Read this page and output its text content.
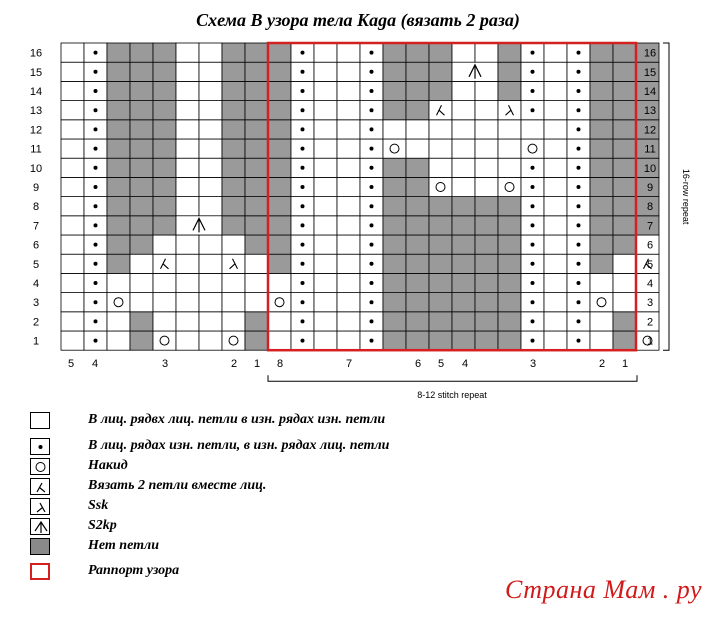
Схема B узора тела Kaga (вязать 2 раза)
1	1
2	2
3	3
4	4
5	5
6	6
7	7
8	8
9	9
10	10
11	11
12	12
13	13
14	14
15	15
16	16
5 4	3	2 1 8	7	6 5 4	3	2 1
8-12 stitch repeat
16-row repeat
В лиц. рядвх лиц. петли в изн. рядах изн. петли
В лиц. рядах изн. петли, в изн. рядах лиц. петли
Накид
Вязать 2 петли вместе лиц.
Ssk
S2kp
Нет петли
Раппорт узора
Страна Мам . ру
